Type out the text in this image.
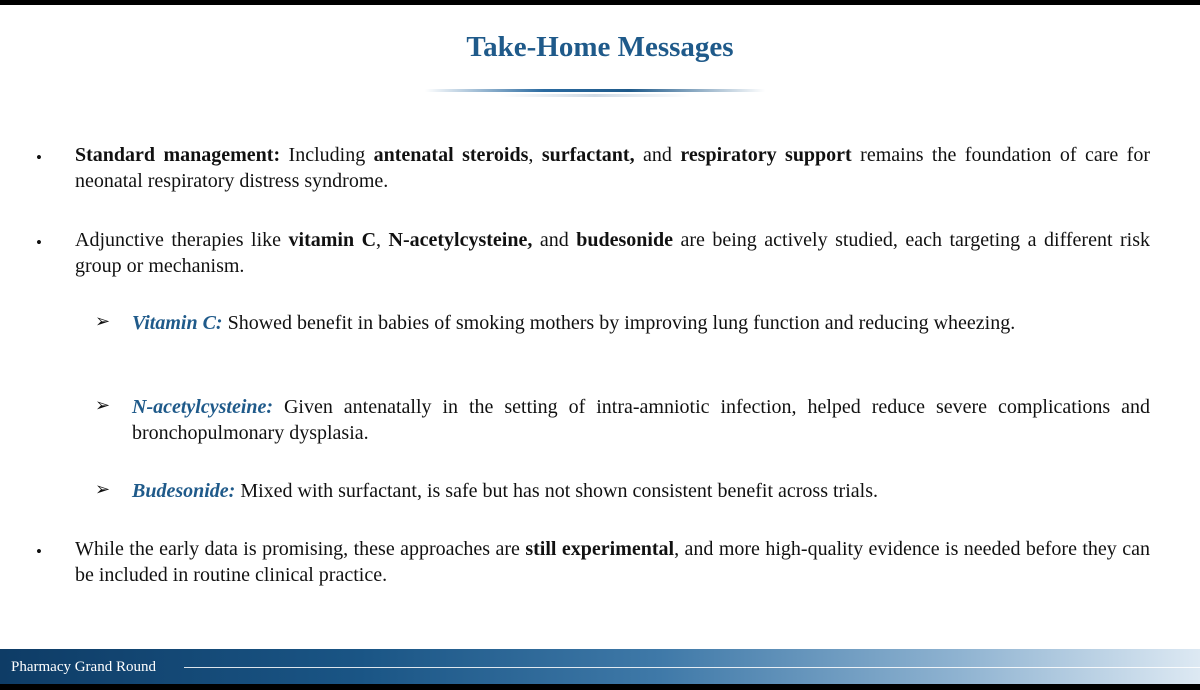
Take-Home Messages
• Standard management: Including antenatal steroids, surfactant, and respiratory support remains the foundation of care for neonatal respiratory distress syndrome.
• Adjunctive therapies like vitamin C, N-acetylcysteine, and budesonide are being actively studied, each targeting a different risk group or mechanism.
➢ Vitamin C: Showed benefit in babies of smoking mothers by improving lung function and reducing wheezing.
➢ N-acetylcysteine: Given antenatally in the setting of intra-amniotic infection, helped reduce severe complications and bronchopulmonary dysplasia.
➢ Budesonide: Mixed with surfactant, is safe but has not shown consistent benefit across trials.
• While the early data is promising, these approaches are still experimental, and more high-quality evidence is needed before they can be included in routine clinical practice.
Pharmacy Grand Round
